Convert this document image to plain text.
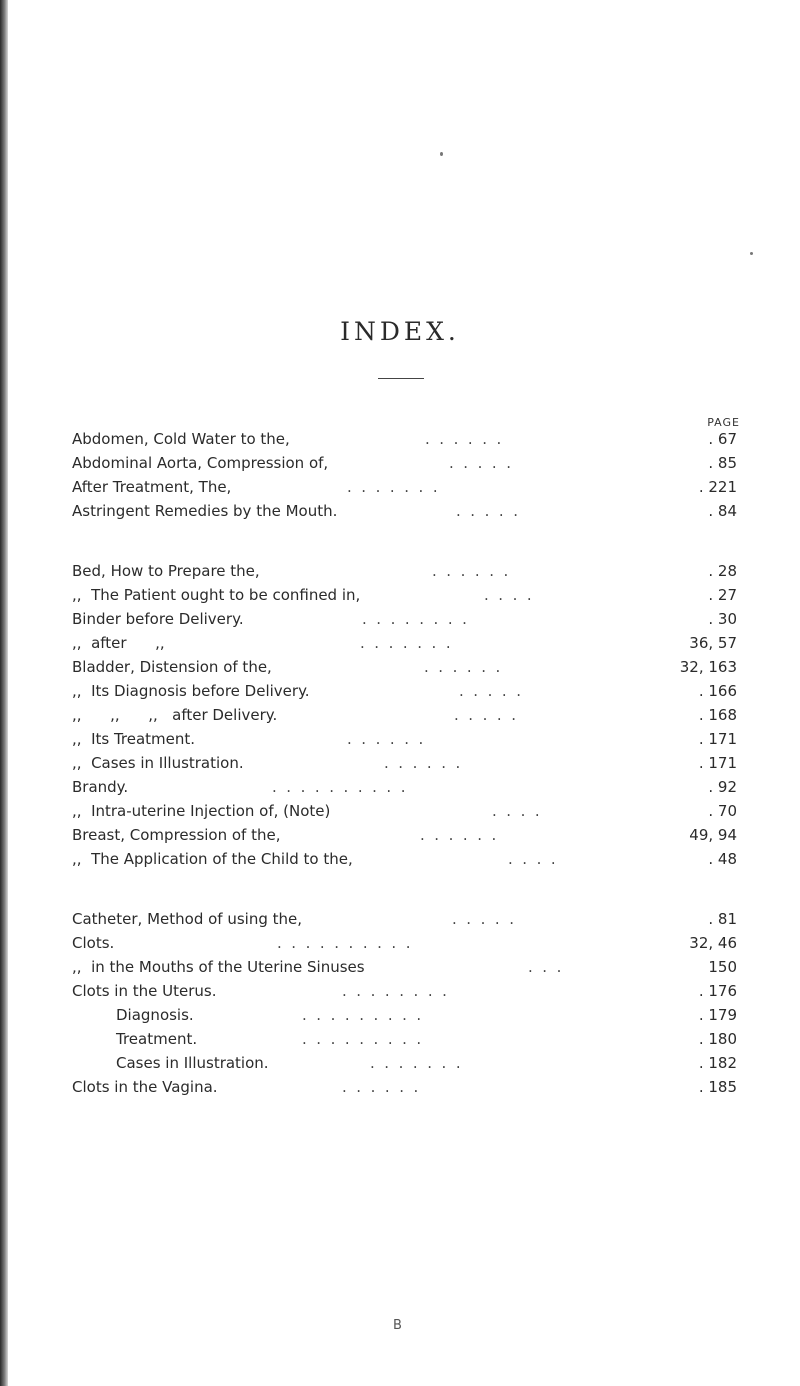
INDEX.
PAGE
Abdomen, Cold Water to the,	.  .  .  .  .  .	. 67
Abdominal Aorta, Compression of,	.  .  .  .  .	. 85
After Treatment, The,	.  .  .  .  .  .  .	. 221
Astringent Remedies by the Mouth.	.  .  .  .  .	. 84
Bed, How to Prepare the,	.  .  .  .  .  .	. 28
,,  The Patient ought to be confined in,	.  .  .  .	. 27
Binder before Delivery.	.  .  .  .  .  .  .  .	. 30
,,  after      ,,	.  .  .  .  .  .  .	36, 57
Bladder, Distension of the,	.  .  .  .  .  .	32, 163
,,  Its Diagnosis before Delivery.	.  .  .  .  .	. 166
,,      ,,      ,,   after Delivery.	.  .  .  .  .	. 168
,,  Its Treatment.	.  .  .  .  .  .	. 171
,,  Cases in Illustration.	.  .  .  .  .  .	. 171
Brandy.	.  .  .  .  .  .  .  .  .  .	. 92
,,  Intra-uterine Injection of, (Note)	.  .  .  .	. 70
Breast, Compression of the,	.  .  .  .  .  .	49, 94
,,  The Application of the Child to the,	.  .  .  .	. 48
Catheter, Method of using the,	.  .  .  .  .	. 81
Clots.	.  .  .  .  .  .  .  .  .  .	32, 46
,,  in the Mouths of the Uterine Sinuses	.  .  .	150
Clots in the Uterus.	.  .  .  .  .  .  .  .	. 176
Diagnosis.	.  .  .  .  .  .  .  .  .	. 179
Treatment.	.  .  .  .  .  .  .  .  .	. 180
Cases in Illustration.	.  .  .  .  .  .  .	. 182
Clots in the Vagina.	.  .  .  .  .  .	. 185
B
